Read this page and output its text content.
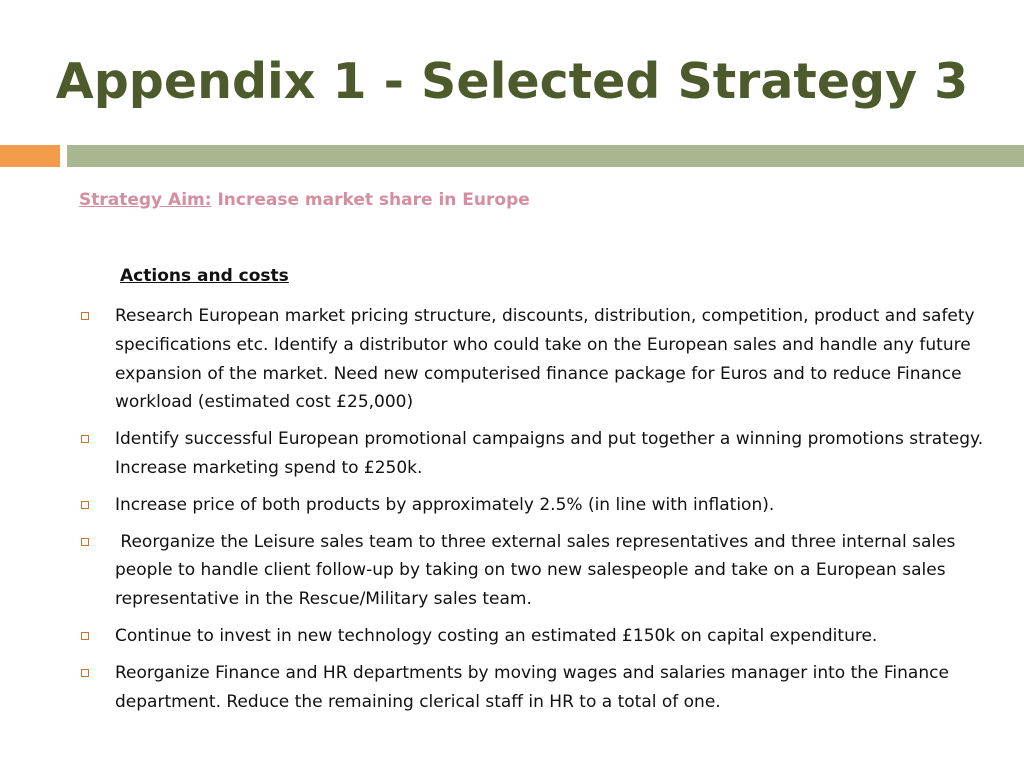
Appendix 1 - Selected Strategy 3
Strategy Aim: Increase market share in Europe
Actions and costs
Research European market pricing structure, discounts, distribution, competition, product and safety specifications etc. Identify a distributor who could take on the European sales and handle any future expansion of the market. Need new computerised finance package for Euros and to reduce Finance workload (estimated cost £25,000)
Identify successful European promotional campaigns and put together a winning promotions strategy. Increase marketing spend to £250k.
Increase price of both products by approximately 2.5% (in line with inflation).
Reorganize the Leisure sales team to three external sales representatives and three internal sales people to handle client follow-up by taking on two new salespeople and take on a European sales representative in the Rescue/Military sales team.
Continue to invest in new technology costing an estimated £150k on capital expenditure.
Reorganize Finance and HR departments by moving wages and salaries manager into the Finance department. Reduce the remaining clerical staff in HR to a total of one.
